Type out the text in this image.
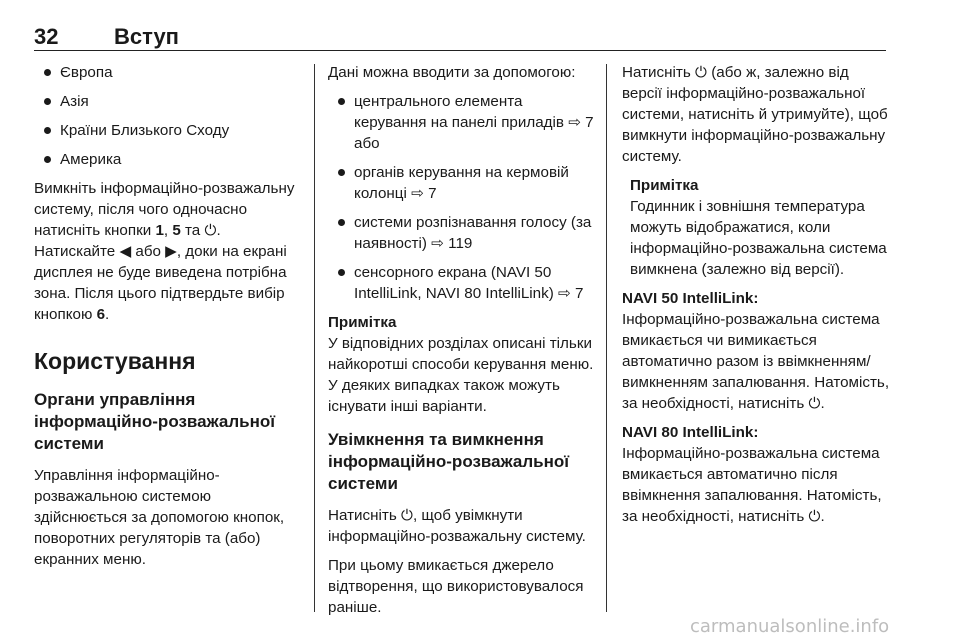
32	Вступ
Європа
Азія
Країни Близького Сходу
Америка

Вимкніть інформаційно-розважальну систему, після чого одночасно натисніть кнопки 1, 5 та ⏻. Натискайте ◀ або ▶, доки на екрані дисплея не буде виведена потрібна зона. Після цього підтвердьте вибір кнопкою 6.

Користування
Органи управління інформаційно-розважальної системи

Управління інформаційно-розважальною системою здійснюється за допомогою кнопок, поворотних регуляторів та (або) екранних меню.

Дані можна вводити за допомогою:

центрального елемента керування на панелі приладів ⇨ 7 або
органів керування на кермовій колонці ⇨ 7
системи розпізнавання голосу (за наявності) ⇨ 119
сенсорного екрана (NAVI 50 IntelliLink, NAVI 80 IntelliLink) ⇨ 7
Примітка
У відповідних розділах описані тільки найкоротші способи керування меню. У деяких випадках також можуть існувати інші варіанти.
Увімкнення та вимкнення інформаційно-розважальної системи

Натисніть ⏻, щоб увімкнути інформаційно-розважальну систему.

При цьому вмикається джерело відтворення, що використовувалося раніше.

Натисніть ⏻ (або ж, залежно від версії інформаційно-розважальної системи, натисніть й утримуйте), щоб вимкнути інформаційно-розважальну систему.

Примітка
Годинник і зовнішня температура можуть відображатися, коли інформаційно-розважальна система вимкнена (залежно від версії).
NAVI 50 IntelliLink:

Інформаційно-розважальна система вмикається чи вимикається автоматично разом із ввімкненням/вимкненням запалювання. Натомість, за необхідності, натисніть ⏻.

NAVI 80 IntelliLink:

Інформаційно-розважальна система вмикається автоматично після ввімкнення запалювання. Натомість, за необхідності, натисніть ⏻.

carmanualsonline.info
